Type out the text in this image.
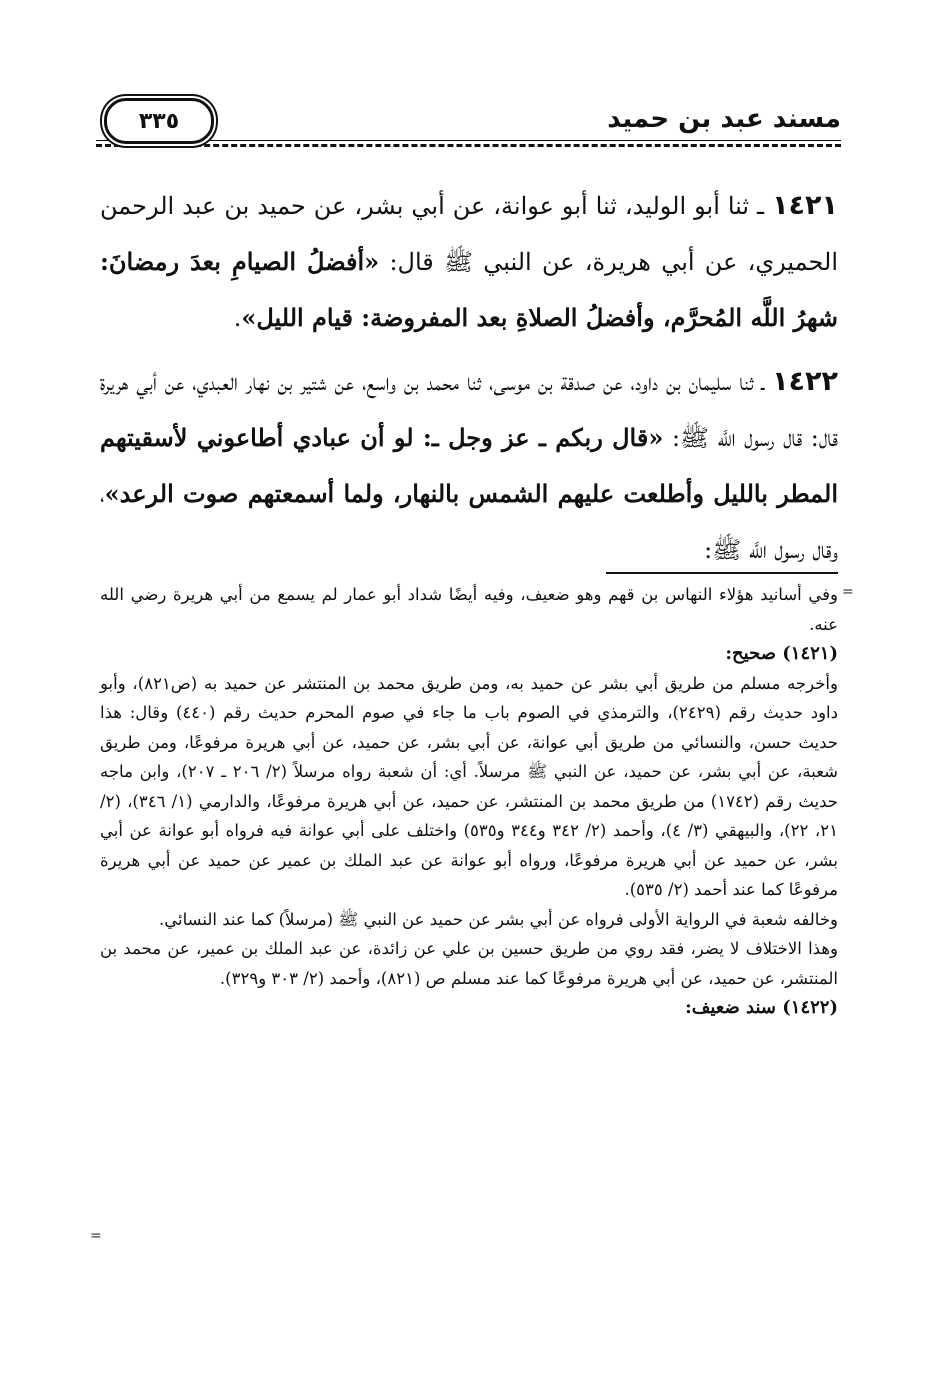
مسند عبد بن حميد
٣٣٥

١٤٢١ ـ ثنا أبو الوليد، ثنا أبو عوانة، عن أبي بشر، عن حميد بن عبد الرحمن الحميري، عن أبي هريرة، عن النبي ﷺ قال: «أفضلُ الصيامِ بعدَ رمضانَ: شهرُ اللَّه المُحرَّم، وأفضلُ الصلاةِ بعد المفروضة: قيام الليل».

١٤٢٢ ـ ثنا سليمان بن داود، عن صدقة بن موسى، ثنا محمد بن واسع، عن شتير بن نهار العبدي، عن أبي هريرة قال: قال رسول اللَّه ﷺ: «قال ربكم ـ عز وجل ـ: لو أن عبادي أطاعوني لأسقيتهم المطر بالليل وأطلعت عليهم الشمس بالنهار، ولما أسمعتهم صوت الرعد»، وقال رسول اللَّه ﷺ:

=

وفي أسانيد هؤلاء النهاس بن قهم وهو ضعيف، وفيه أيضًا شداد أبو عمار لم يسمع من أبي هريرة رضي الله عنه.

(١٤٢١) صحيح:

وأخرجه مسلم من طريق أبي بشر عن حميد به، ومن طريق محمد بن المنتشر عن حميد به (ص٨٢١)، وأبو داود حديث رقم (٢٤٢٩)، والترمذي في الصوم باب ما جاء في صوم المحرم حديث رقم (٤٤٠) وقال: هذا حديث حسن، والنسائي من طريق أبي عوانة، عن أبي بشر، عن حميد، عن أبي هريرة مرفوعًا، ومن طريق شعبة، عن أبي بشر، عن حميد، عن النبي ﷺ مرسلاً. أي: أن شعبة رواه مرسلاً (٢/ ٢٠٦ ـ ٢٠٧)، وابن ماجه حديث رقم (١٧٤٢) من طريق محمد بن المنتشر، عن حميد، عن أبي هريرة مرفوعًا، والدارمي (١/ ٣٤٦)، (٢/ ٢١، ٢٢)، والبيهقي (٣/ ٤)، وأحمد (٢/ ٣٤٢ و٣٤٤ و٥٣٥) واختلف على أبي عوانة فيه فرواه أبو عوانة عن أبي بشر، عن حميد عن أبي هريرة مرفوعًا، ورواه أبو عوانة عن عبد الملك بن عمير عن حميد عن أبي هريرة مرفوعًا كما عند أحمد (٢/ ٥٣٥).

وخالفه شعبة في الرواية الأولى فرواه عن أبي بشر عن حميد عن النبي ﷺ (مرسلاً) كما عند النسائي.

وهذا الاختلاف لا يضر، فقد روي من طريق حسين بن علي عن زائدة، عن عبد الملك بن عمير، عن محمد بن المنتشر، عن حميد، عن أبي هريرة مرفوعًا كما عند مسلم ص (٨٢١)، وأحمد (٢/ ٣٠٣ و٣٢٩).

(١٤٢٢) سند ضعيف:

=
